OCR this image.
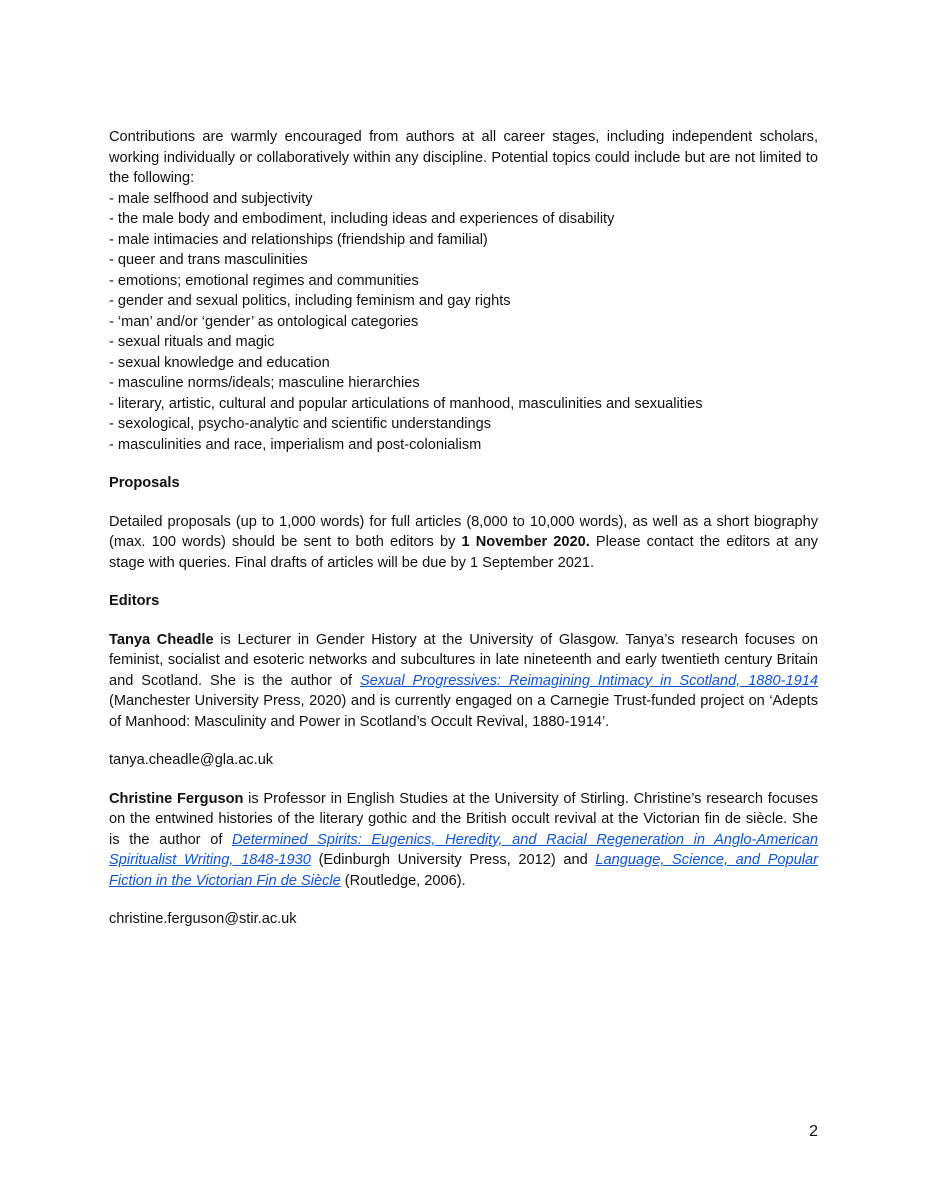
Contributions are warmly encouraged from authors at all career stages, including independent scholars, working individually or collaboratively within any discipline. Potential topics could include but are not limited to the following:

- male selfhood and subjectivity
- the male body and embodiment, including ideas and experiences of disability
- male intimacies and relationships (friendship and familial)
- queer and trans masculinities
- emotions; emotional regimes and communities
- gender and sexual politics, including feminism and gay rights
- ‘man’ and/or ‘gender’ as ontological categories
- sexual rituals and magic
- sexual knowledge and education
- masculine norms/ideals; masculine hierarchies
- literary, artistic, cultural and popular articulations of manhood, masculinities and sexualities
- sexological, psycho-analytic and scientific understandings
- masculinities and race, imperialism and post-colonialism

Proposals

Detailed proposals (up to 1,000 words) for full articles (8,000 to 10,000 words), as well as a short biography (max. 100 words) should be sent to both editors by 1 November 2020. Please contact the editors at any stage with queries. Final drafts of articles will be due by 1 September 2021.

Editors

Tanya Cheadle is Lecturer in Gender History at the University of Glasgow. Tanya’s research focuses on feminist, socialist and esoteric networks and subcultures in late nineteenth and early twentieth century Britain and Scotland. She is the author of Sexual Progressives: Reimagining Intimacy in Scotland, 1880-1914 (Manchester University Press, 2020) and is currently engaged on a Carnegie Trust-funded project on ‘Adepts of Manhood: Masculinity and Power in Scotland’s Occult Revival, 1880-1914’.

tanya.cheadle@gla.ac.uk

Christine Ferguson is Professor in English Studies at the University of Stirling. Christine’s research focuses on the entwined histories of the literary gothic and the British occult revival at the Victorian fin de siècle. She is the author of Determined Spirits: Eugenics, Heredity, and Racial Regeneration in Anglo-American Spiritualist Writing, 1848-1930 (Edinburgh University Press, 2012) and Language, Science, and Popular Fiction in the Victorian Fin de Siècle (Routledge, 2006).

christine.ferguson@stir.ac.uk

2
